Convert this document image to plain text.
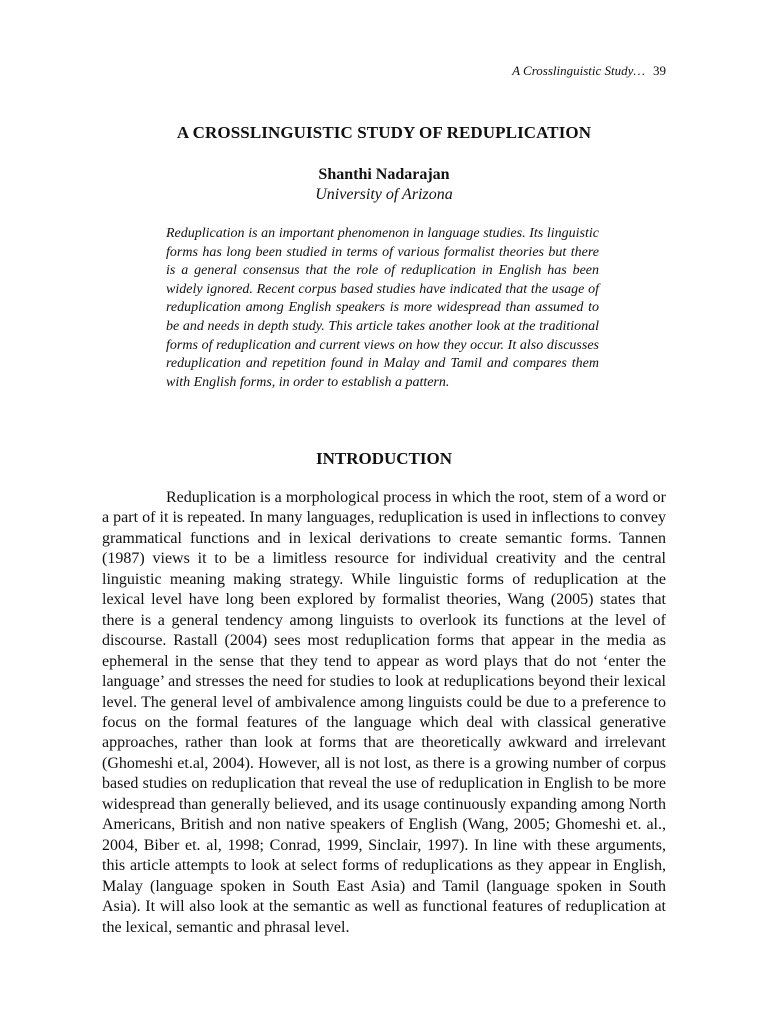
A Crosslinguistic Study… 39
A CROSSLINGUISTIC STUDY OF REDUPLICATION
Shanthi Nadarajan
University of Arizona

Reduplication is an important phenomenon in language studies. Its linguistic forms has long been studied in terms of various formalist theories but there is a general consensus that the role of reduplication in English has been widely ignored. Recent corpus based studies have indicated that the usage of reduplication among English speakers is more widespread than assumed to be and needs in depth study. This article takes another look at the traditional forms of reduplication and current views on how they occur. It also discusses reduplication and repetition found in Malay and Tamil and compares them with English forms, in order to establish a pattern.

INTRODUCTION

Reduplication is a morphological process in which the root, stem of a word or a part of it is repeated. In many languages, reduplication is used in inflections to convey grammatical functions and in lexical derivations to create semantic forms. Tannen (1987) views it to be a limitless resource for individual creativity and the central linguistic meaning making strategy. While linguistic forms of reduplication at the lexical level have long been explored by formalist theories, Wang (2005) states that there is a general tendency among linguists to overlook its functions at the level of discourse. Rastall (2004) sees most reduplication forms that appear in the media as ephemeral in the sense that they tend to appear as word plays that do not ‘enter the language’ and stresses the need for studies to look at reduplications beyond their lexical level. The general level of ambivalence among linguists could be due to a preference to focus on the formal features of the language which deal with classical generative approaches, rather than look at forms that are theoretically awkward and irrelevant (Ghomeshi et.al, 2004). However, all is not lost, as there is a growing number of corpus based studies on reduplication that reveal the use of reduplication in English to be more widespread than generally believed, and its usage continuously expanding among North Americans, British and non native speakers of English (Wang, 2005; Ghomeshi et. al., 2004, Biber et. al, 1998; Conrad, 1999, Sinclair, 1997). In line with these arguments, this article attempts to look at select forms of reduplications as they appear in English, Malay (language spoken in South East Asia) and Tamil (language spoken in South Asia). It will also look at the semantic as well as functional features of reduplication at the lexical, semantic and phrasal level.
